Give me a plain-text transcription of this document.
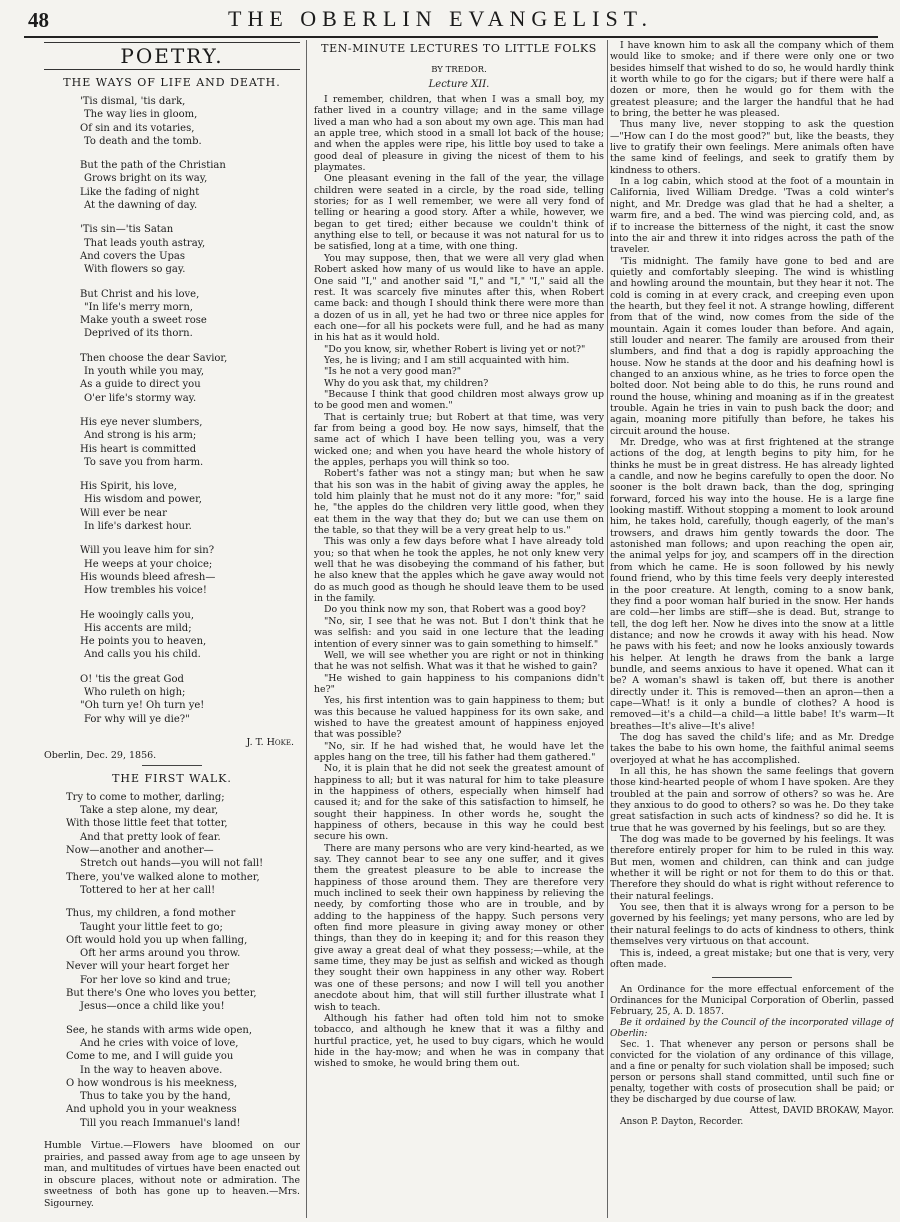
48	THE OBERLIN EVANGELIST.
POETRY.
THE WAYS OF LIFE AND DEATH.
'Tis dismal, 'tis dark,
The way lies in gloom,
Of sin and its votaries,
To death and the tomb.
But the path of the Christian
Grows bright on its way,
Like the fading of night
At the dawning of day.
'Tis sin—'tis Satan
That leads youth astray,
And covers the Upas
With flowers so gay.
But Christ and his love,
"In life's merry morn,
Make youth a sweet rose
Deprived of its thorn.
Then choose the dear Savior,
In youth while you may,
As a guide to direct you
O'er life's stormy way.
His eye never slumbers,
And strong is his arm;
His heart is committed
To save you from harm.
His Spirit, his love,
His wisdom and power,
Will ever be near
In life's darkest hour.
Will you leave him for sin?
He weeps at your choice;
His wounds bleed afresh—
How trembles his voice!
He wooingly calls you,
His accents are mild;
He points you to heaven,
And calls you his child.
O! 'tis the great God
Who ruleth on high;
"Oh turn ye! Oh turn ye!
For why will ye die?"
J. T. Hoke.
Oberlin, Dec. 29, 1856.
THE FIRST WALK.
Try to come to mother, darling;
Take a step alone, my dear,
With those little feet that totter,
And that pretty look of fear.
Now—another and another—
Stretch out hands—you will not fall!
There, you've walked alone to mother,
Tottered to her at her call!
Thus, my children, a fond mother
Taught your little feet to go;
Oft would hold you up when falling,
Oft her arms around you throw.
Never will your heart forget her
For her love so kind and true;
But there's One who loves you better,
Jesus—once a child like you!
See, he stands with arms wide open,
And he cries with voice of love,
Come to me, and I will guide you
In the way to heaven above.
O how wondrous is his meekness,
Thus to take you by the hand,
And uphold you in your weakness
Till you reach Immanuel's land!
Humble Virtue.—Flowers have bloomed on our prairies, and passed away from age to age unseen by man, and multitudes of virtues have been enacted out in obscure places, without note or admiration. The sweetness of both has gone up to heaven.—Mrs. Sigourney.
TEN-MINUTE LECTURES TO LITTLE FOLKS
BY TREDOR.
Lecture XII.

I remember, children, that when I was a small boy, my father lived in a country village; and in the same village lived a man who had a son about my own age. This man had an apple tree, which stood in a small lot back of the house; and when the apples were ripe, his little boy used to take a good deal of pleasure in giving the nicest of them to his playmates.

One pleasant evening in the fall of the year, the village children were seated in a circle, by the road side, telling stories; for as I well remember, we were all very fond of telling or hearing a good story. After a while, however, we began to get tired; either because we couldn't think of anything else to tell, or because it was not natural for us to be satisfied, long at a time, with one thing.

You may suppose, then, that we were all very glad when Robert asked how many of us would like to have an apple. One said "I," and another said "I," and "I," "I," said all the rest. It was scarcely five minutes after this, when Robert came back: and though I should think there were more than a dozen of us in all, yet he had two or three nice apples for each one—for all his pockets were full, and he had as many in his hat as it would hold.

"Do you know, sir, whether Robert is living yet or not?"

Yes, he is living; and I am still acquainted with him.

"Is he not a very good man?"

Why do you ask that, my children?

"Because I think that good children most always grow up to be good men and women."

That is certainly true; but Robert at that time, was very far from being a good boy. He now says, himself, that the same act of which I have been telling you, was a very wicked one; and when you have heard the whole history of the apples, perhaps you will think so too.

Robert's father was not a stingy man; but when he saw that his son was in the habit of giving away the apples, he told him plainly that he must not do it any more: "for," said he, "the apples do the children very little good, when they eat them in the way that they do; but we can use them on the table, so that they will be a very great help to us."

This was only a few days before what I have already told you; so that when he took the apples, he not only knew very well that he was disobeying the command of his father, but he also knew that the apples which he gave away would not do as much good as though he should leave them to be used in the family.

Do you think now my son, that Robert was a good boy?

"No, sir, I see that he was not. But I don't think that he was selfish: and you said in one lecture that the leading intention of every sinner was to gain something to himself."

Well, we will see whether you are right or not in thinking that he was not selfish. What was it that he wished to gain?

"He wished to gain happiness to his companions didn't he?"

Yes, his first intention was to gain happiness to them; but was this because he valued happiness for its own sake, and wished to have the greatest amount of happiness enjoyed that was possible?

"No, sir. If he had wished that, he would have let the apples hang on the tree, till his father had them gathered."

No, it is plain that he did not seek the greatest amount of happiness to all; but it was natural for him to take pleasure in the happiness of others, especially when himself had caused it; and for the sake of this satisfaction to himself, he sought their happiness. In other words he, sought the happiness of others, because in this way he could best secure his own.

There are many persons who are very kind-hearted, as we say. They cannot bear to see any one suffer, and it gives them the greatest pleasure to be able to increase the happiness of those around them. They are therefore very much inclined to seek their own happiness by relieving the needy, by comforting those who are in trouble, and by adding to the happiness of the happy. Such persons very often find more pleasure in giving away money or other things, than they do in keeping it; and for this reason they give away a great deal of what they possess;—while, at the same time, they may be just as selfish and wicked as though they sought their own happiness in any other way. Robert was one of these persons; and now I will tell you another anecdote about him, that will still further illustrate what I wish to teach.

Although his father had often told him not to smoke tobacco, and although he knew that it was a filthy and hurtful practice, yet, he used to buy cigars, which he would hide in the hay-mow; and when he was in company that wished to smoke, he would bring them out.

I have known him to ask all the company which of them would like to smoke; and if there were only one or two besides himself that wished to do so, he would hardly think it worth while to go for the cigars; but if there were half a dozen or more, then he would go for them with the greatest pleasure; and the larger the handful that he had to bring, the better he was pleased.

Thus many live, never stopping to ask the question—"How can I do the most good?" but, like the beasts, they live to gratify their own feelings. Mere animals often have the same kind of feelings, and seek to gratify them by kindness to others.

In a log cabin, which stood at the foot of a mountain in California, lived William Dredge. 'Twas a cold winter's night, and Mr. Dredge was glad that he had a shelter, a warm fire, and a bed. The wind was piercing cold, and, as if to increase the bitterness of the night, it cast the snow into the air and threw it into ridges across the path of the traveler.

'Tis midnight. The family have gone to bed and are quietly and comfortably sleeping. The wind is whistling and howling around the mountain, but they hear it not. The cold is coming in at every crack, and creeping even upon the hearth, but they feel it not. A strange howling, different from that of the wind, now comes from the side of the mountain. Again it comes louder than before. And again, still louder and nearer. The family are aroused from their slumbers, and find that a dog is rapidly approaching the house. Now he stands at the door and his deafning howl is changed to an anxious whine, as he tries to force open the bolted door. Not being able to do this, he runs round and round the house, whining and moaning as if in the greatest trouble. Again he tries in vain to push back the door; and again, moaning more pitifully than before, he takes his circuit around the house.

Mr. Dredge, who was at first frightened at the strange actions of the dog, at length begins to pity him, for he thinks he must be in great distress. He has already lighted a candle, and now he begins carefully to open the door. No sooner is the bolt drawn back, than the dog, springing forward, forced his way into the house. He is a large fine looking mastiff. Without stopping a moment to look around him, he takes hold, carefully, though eagerly, of the man's trowsers, and draws him gently towards the door. The astonished man follows; and upon reaching the open air, the animal yelps for joy, and scampers off in the direction from which he came. He is soon followed by his newly found friend, who by this time feels very deeply interested in the poor creature. At length, coming to a snow bank, they find a poor woman half buried in the snow. Her hands are cold—her limbs are stiff—she is dead. But, strange to tell, the dog left her. Now he dives into the snow at a little distance; and now he crowds it away with his head. Now he paws with his feet; and now he looks anxiously towards his helper. At length he draws from the bank a large bundle, and seems anxious to have it opened. What can it be? A woman's shawl is taken off, but there is another directly under it. This is removed—then an apron—then a cape—What! is it only a bundle of clothes? A hood is removed—it's a child—a child—a little babe! It's warm—It breathes—It's alive—It's alive!

The dog has saved the child's life; and as Mr. Dredge takes the babe to his own home, the faithful animal seems overjoyed at what he has accomplished.

In all this, he has shown the same feelings that govern those kind-hearted people of whom I have spoken. Are they troubled at the pain and sorrow of others? so was he. Are they anxious to do good to others? so was he. Do they take great satisfaction in such acts of kindness? so did he. It is true that he was governed by his feelings, but so are they.

The dog was made to be governed by his feelings. It was therefore entirely proper for him to be ruled in this way. But men, women and children, can think and can judge whether it will be right or not for them to do this or that. Therefore they should do what is right without reference to their natural feelings.

You see, then that it is always wrong for a person to be governed by his feelings; yet many persons, who are led by their natural feelings to do acts of kindness to others, think themselves very virtuous on that account.

This is, indeed, a great mistake; but one that is very, very often made.

An Ordinance for the more effectual enforcement of the Ordinances for the Municipal Corporation of Oberlin, passed February, 25, A. D. 1857.

Be it ordained by the Council of the incorporated village of Oberlin:

Sec. 1. That whenever any person or persons shall be convicted for the violation of any ordinance of this village, and a fine or penalty for such violation shall be imposed; such person or persons shall stand committed, until such fine or penalty, together with costs of prosecution shall be paid; or they be discharged by due course of law.

Attest, DAVID BROKAW, Mayor.

Anson P. Dayton, Recorder.
